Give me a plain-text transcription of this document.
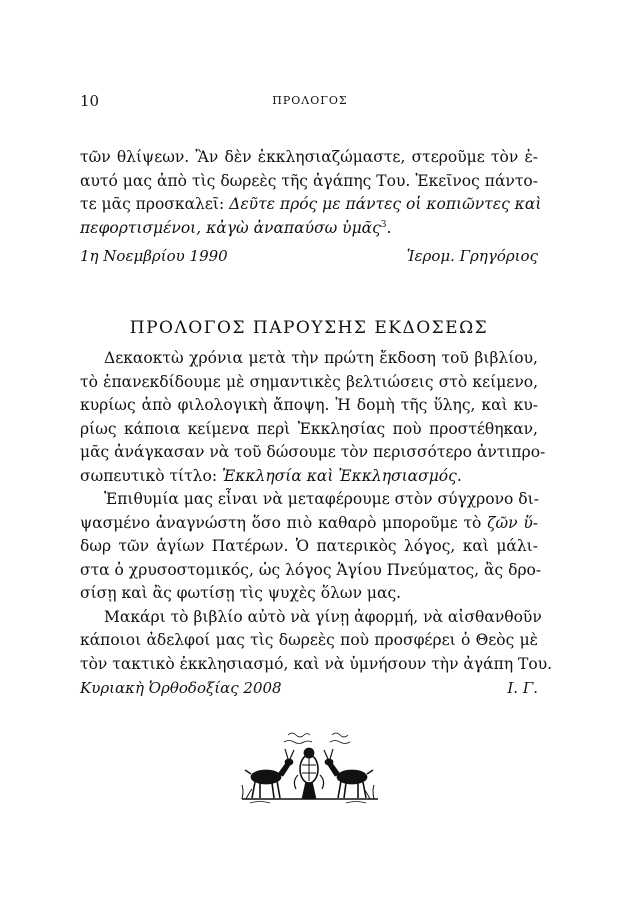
10	ΠΡΟΛΟΓΟΣ
τῶν θλίψεων. Ἂν δὲν ἐκκλησιαζώμαστε, στεροῦμε τὸν ἑ-
αυτό μας ἀπὸ τὶς δωρεὲς τῆς ἀγάπης Του. Ἐκεῖνος πάντο-
τε μᾶς προσκαλεῖ: Δεῦτε πρός με πάντες οἱ κοπιῶντες καὶ
πεφορτισμένοι, κἀγὼ ἀναπαύσω ὑμᾶς$^3$.
1η Νοεμβρίου 1990	Ἱερομ. Γρηγόριος
ΠΡΟΛΟΓΟΣ ΠΑΡΟΥΣΗΣ ΕΚΔΟΣΕΩΣ
Δεκαοκτὼ χρόνια μετὰ τὴν πρώτη ἔκδοση τοῦ βιβλίου,
τὸ ἐπανεκδίδουμε μὲ σημαντικὲς βελτιώσεις στὸ κείμενο,
κυρίως ἀπὸ φιλολογικὴ ἄποψη. Ἡ δομὴ τῆς ὕλης, καὶ κυ-
ρίως κάποια κείμενα περὶ Ἐκκλησίας ποὺ προστέθηκαν,
μᾶς ἀνάγκασαν νὰ τοῦ δώσουμε τὸν περισσότερο ἀντιπρο-
σωπευτικὸ τίτλο: Ἐκκλησία καὶ Ἐκκλησιασμός.
Ἐπιθυμία μας εἶναι νὰ μεταφέρουμε στὸν σύγχρονο δι-
ψασμένο ἀναγνώστη ὅσο πιὸ καθαρὸ μποροῦμε τὸ ζῶν ὕ-
δωρ τῶν ἁγίων Πατέρων. Ὁ πατερικὸς λόγος, καὶ μάλι-
στα ὁ χρυσοστομικός, ὡς λόγος Ἁγίου Πνεύματος, ἂς δρο-
σίσῃ καὶ ἂς φωτίσῃ τὶς ψυχὲς ὅλων μας.
Μακάρι τὸ βιβλίο αὐτὸ νὰ γίνῃ ἀφορμή, νὰ αἰσθανθοῦν
κάποιοι ἀδελφοί μας τὶς δωρεὲς ποὺ προσφέρει ὁ Θεὸς μὲ
τὸν τακτικὸ ἐκκλησιασμό, καὶ νὰ ὑμνήσουν τὴν ἀγάπη Του.
Κυριακὴ Ὀρθοδοξίας 2008	Ι. Γ.
